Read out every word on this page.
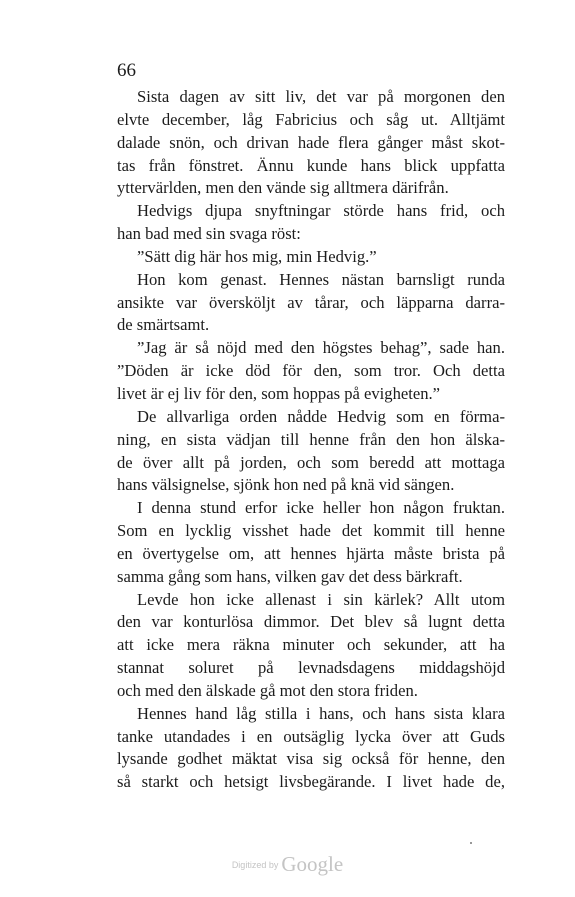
66
Sista dagen av sitt liv, det var på morgonen den
elvte december, låg Fabricius och såg ut. Alltjämt
dalade snön, och drivan hade flera gånger måst skot-
tas från fönstret. Ännu kunde hans blick uppfatta
yttervärlden, men den vände sig alltmera därifrån.
Hedvigs djupa snyftningar störde hans frid, och
han bad med sin svaga röst:
”Sätt dig här hos mig, min Hedvig.”
Hon kom genast. Hennes nästan barnsligt runda
ansikte var översköljt av tårar, och läpparna darra-
de smärtsamt.
”Jag är så nöjd med den högstes behag”, sade han.
”Döden är icke död för den, som tror. Och detta
livet är ej liv för den, som hoppas på evigheten.”
De allvarliga orden nådde Hedvig som en förma-
ning, en sista vädjan till henne från den hon älska-
de över allt på jorden, och som beredd att mottaga
hans välsignelse, sjönk hon ned på knä vid sängen.
I denna stund erfor icke heller hon någon fruktan.
Som en lycklig visshet hade det kommit till henne
en övertygelse om, att hennes hjärta måste brista på
samma gång som hans, vilken gav det dess bärkraft.
Levde hon icke allenast i sin kärlek? Allt utom
den var konturlösa dimmor. Det blev så lugnt detta
att icke mera räkna minuter och sekunder, att ha
stannat soluret på levnadsdagens middagshöjd
och med den älskade gå mot den stora friden.
Hennes hand låg stilla i hans, och hans sista klara
tanke utandades i en outsäglig lycka över att Guds
lysande godhet mäktat visa sig också för henne, den
så starkt och hetsigt livsbegärande. I livet hade de,
Digitized by Google
